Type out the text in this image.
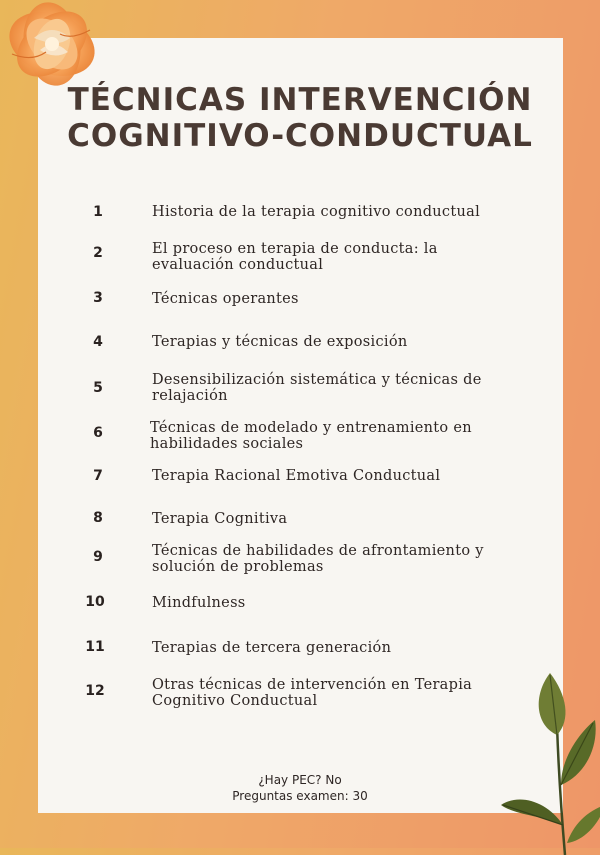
TÉCNICAS INTERVENCIÓN
COGNITIVO-CONDUCTUAL
1	Historia de la terapia cognitivo conductual
2	El proceso en terapia de conducta: la
evaluación conductual
3	Técnicas operantes
4	Terapias y técnicas de exposición
5	Desensibilización sistemática y técnicas de
relajación
6	Técnicas de modelado y entrenamiento en
habilidades sociales
7	Terapia Racional Emotiva Conductual
8	Terapia Cognitiva
9	Técnicas de habilidades de afrontamiento y
solución de problemas
10	Mindfulness
11	Terapias de tercera generación
12	Otras técnicas de intervención en Terapia
Cognitivo Conductual
¿Hay PEC? No
Preguntas examen: 30
